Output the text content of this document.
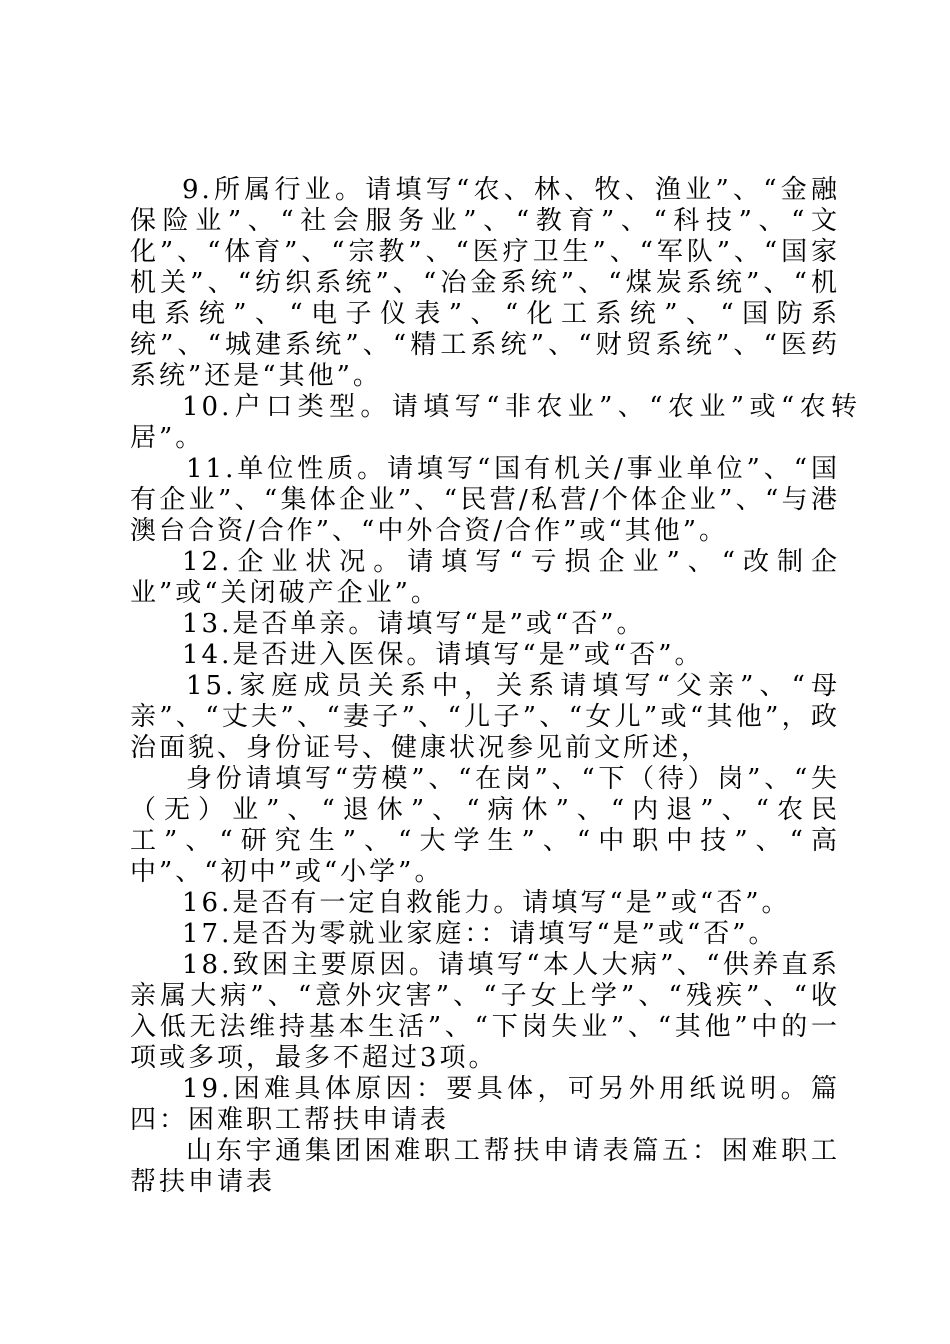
9.所属行业。请填写“农、林、牧、渔业”、“金融保险业”、“社会服务业”、“教育”、“科技”、“文化”、“体育”、“宗教”、“医疗卫生”、“军队”、“国家机关”、“纺织系统”、“冶金系统”、“煤炭系统”、“机电系统”、“电子仪表”、“化工系统”、“国防系统”、“城建系统”、“精工系统”、“财贸系统”、“医药系统”还是“其他”。

10.户口类型。请填写“非农业”、“农业”或“农转居”。

11.单位性质。请填写“国有机关/事业单位”、“国有企业”、“集体企业”、“民营/私营/个体企业”、“与港澳台合资/合作”、“中外合资/合作”或“其他”。

12.企业状况。请填写“亏损企业”、“改制企业”或“关闭破产企业”。

13.是否单亲。请填写“是”或“否”。

14.是否进入医保。请填写“是”或“否”。

15.家庭成员关系中，关系请填写“父亲”、“母亲”、“丈夫”、“妻子”、“儿子”、“女儿”或“其他”，政治面貌、身份证号、健康状况参见前文所述，

身份请填写“劳模”、“在岗”、“下（待）岗”、“失（无）业”、“退休”、“病休”、“内退”、“农民工”、“研究生”、“大学生”、“中职中技”、“高中”、“初中”或“小学”。

16.是否有一定自救能力。请填写“是”或“否”。

17.是否为零就业家庭：：请填写“是”或“否”。

18.致困主要原因。请填写“本人大病”、“供养直系亲属大病”、“意外灾害”、“子女上学”、“残疾”、“收入低无法维持基本生活”、“下岗失业”、“其他”中的一项或多项，最多不超过3项。

19.困难具体原因：要具体，可另外用纸说明。篇四：困难职工帮扶申请表

山东宇通集团困难职工帮扶申请表篇五：困难职工帮扶申请表
